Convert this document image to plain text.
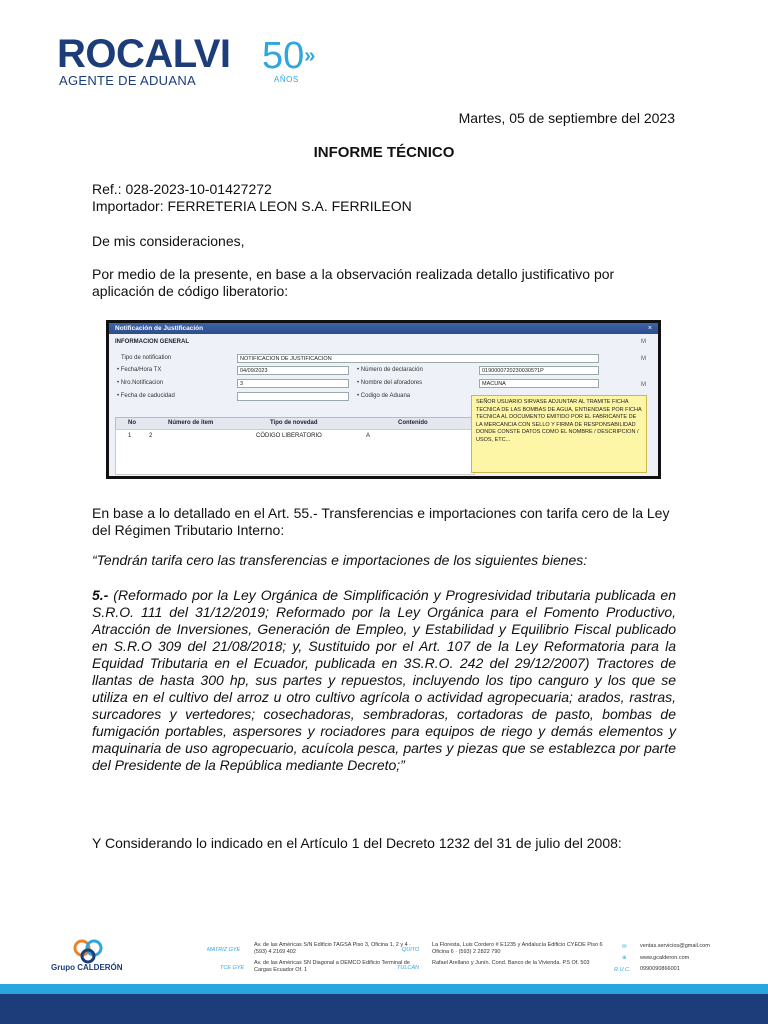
ROCALVI 50»
AGENTE DE ADUANA	AÑOS
Martes, 05 de septiembre del 2023
INFORME TÉCNICO
Ref.: 028-2023-10-01427272
Importador: FERRETERIA LEON S.A. FERRILEON
De mis consideraciones,
Por medio de la presente, en base a la observación realizada detallo justificativo por aplicación de código liberatorio:
Notificación de Justificación	×
INFORMACION GENERAL
Tipo de notification	NOTIFICACION DE JUSTIFICACION
• Fecha/Hora TX	04/09/2023	• Número de declaración	01900007202300305?1P
• Nro.Notificacion	3	• Nombre del aforadores	MACUNA
• Fecha de caducidad	• Codigo de Aduana
No	Número de item	Tipo de novedad	Contenido
1	2	CÓDIGO LIBERATORIO	A
SEÑOR USUARIO SIRVASE ADJUNTAR AL TRAMITE FICHA TECNICA DE LAS BOMBAS DE AGUA, ENTIENDASE POR FICHA TECNICA AL DOCUMENTO EMITIDO POR EL FABRICANTE DE LA MERCANCIA CON SELLO Y FIRMA DE RESPONSABILIDAD DONDE CONSTE DATOS COMO EL NOMBRE / DESCRIPCION / USOS, ETC...
M
M
M
En base a lo detallado en el Art. 55.- Transferencias e importaciones con tarifa cero de la Ley del Régimen Tributario Interno:
“Tendrán tarifa cero las transferencias e importaciones de los siguientes bienes:
5.- (Reformado por la Ley Orgánica de Simplificación y Progresividad tributaria publicada en S.R.O. 111 del 31/12/2019; Reformado por la Ley Orgánica para el Fomento Productivo, Atracción de Inversiones, Generación de Empleo, y Estabilidad y Equilibrio Fiscal publicado en S.R.O 309 del 21/08/2018; y, Sustituido por el Art. 107 de la Ley Reformatoria para la Equidad Tributaria en el Ecuador, publicada en 3S.R.O. 242 del 29/12/2007) Tractores de llantas de hasta 300 hp, sus partes y repuestos, incluyendo los tipo canguro y los que se utiliza en el cultivo del arroz u otro cultivo agrícola o actividad agropecuaria; arados, rastras, surcadores y vertedores; cosechadoras, sembradoras, cortadoras de pasto, bombas de fumigación portables, aspersores y rociadores para equipos de riego y demás elementos y maquinaria de uso agropecuario, acuícola pesca, partes y piezas que se establezca por parte del Presidente de la República mediante Decreto;”
Y Considerando lo indicado en el Artículo 1 del Decreto 1232 del 31 de julio del 2008:
Grupo CALDERÓN
MATRIZ GYE
Av. de las Américas S/N Edificio TAGSA Piso 3, Oficina 1, 2 y 4 · (593) 4 2169 402
TCE GYE
Av. de las Américas SN Diagonal a DEMCO Edificio Terminal de Cargas Ecuador Of. 1
QUITO
La Floresta, Luis Cordero # E1235 y Andalucía Edificio CYEDE Piso 6 Oficina 6 · (593) 2 2822 790
TULCÁN
Rafael Arellano y Junín. Cond. Banco de la Vivienda. P.5 Of. 503
✉ ventas.servicios@gmail.com
⊕ www.gcalderon.com
R.U.C. 0990090866001
